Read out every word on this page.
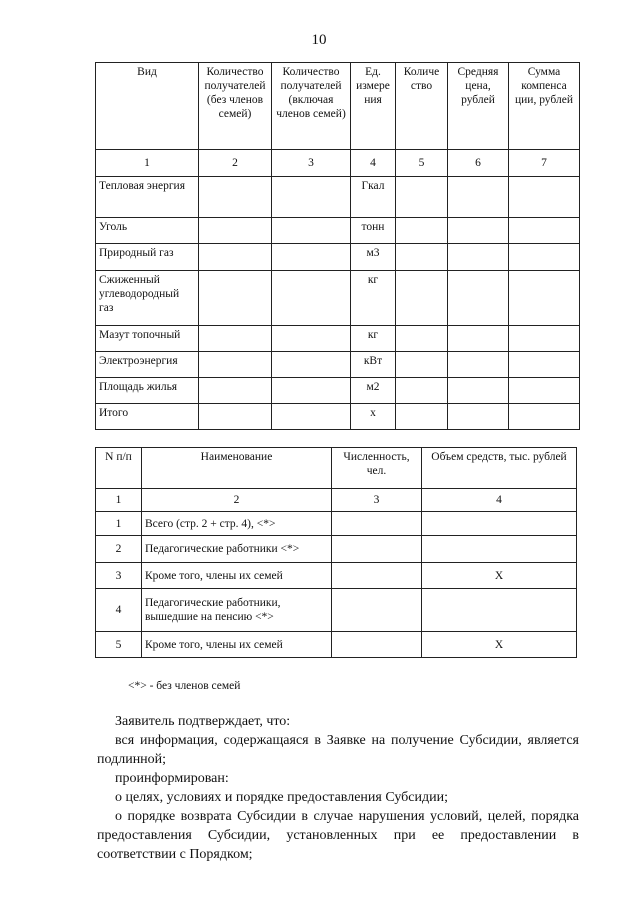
10
Вид	Количество получателей (без членов семей)	Количество получателей (включая членов семей)	Ед. измере ния	Количе ство	Средняя цена, рублей	Сумма компенса ции, рублей
1	2	3	4	5	6	7
Тепловая энергия			Гкал			
Уголь			тонн			
Природный газ			м3			
Сжиженный углеводородный газ			кг			
Мазут топочный			кг			
Электроэнергия			кВт			
Площадь жилья			м2			
Итого			х			
N п/п	Наименование	Численность, чел.	Объем средств, тыс. рублей
1	2	3	4
1	Всего (стр. 2 + стр. 4), <*>		
2	Педагогические работники <*>		
3	Кроме того, члены их семей		X
4	Педагогические работники, вышедшие на пенсию <*>		
5	Кроме того, члены их семей		X
<*> - без членов семей

Заявитель подтверждает, что:

вся информация, содержащаяся в Заявке на получение Субсидии, является подлинной;

проинформирован:

о целях, условиях и порядке предоставления Субсидии;

о порядке возврата Субсидии в случае нарушения условий, целей, порядка предоставления Субсидии, установленных при ее предоставлении в соответствии с Порядком;
